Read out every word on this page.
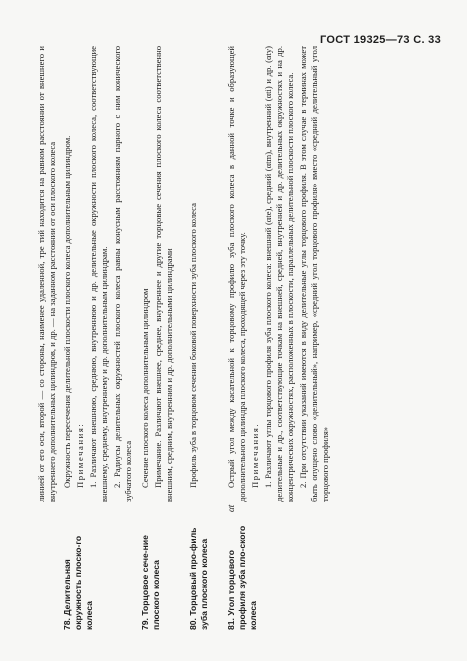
ГОСТ 19325—73 С. 33

линией от его оси, второй — со стороны, наименее удаленной, тре тий находится на равном расстоянии от внешнего и внутреннего дополнительных цилиндров, и др. — на заданном расстоянии от оси плоского колеса

78. Делительная окружность плоско-го колеса

Окружность пересечения делительной плоскости плоского колеса дополнительным цилиндром. Примечания: 1. Различают внешнюю, среднюю, внутреннюю и др. делительные окружности плоского колеса, соответствующие внешнему, среднему, внутреннему и др. дополнительным цилиндрам. 2. Радиусы делительных окружностей плоского колеса равны конусным расстояниям парного с ним конического зубчатого колеса

79. Торцовое сече-ние плоского колеса

Сечение плоского колеса дополнительным цилиндром Примечание. Различают внешнее, среднее, внутреннее и другие торцовые сечения плоского колеса соответственно внешним, средним, внутренним и др. дополнительными цилиндрами

80. Торцовый про-филь зуба плоского колеса

Профиль зуба в торцовом сечении боковой поверхности зуба плоского колеса

81. Угол торцового профиля зуба пло-ского колеса
αt

Острый угол между касательной к торцовому профилю зуба плоского колеса в данной точке и образующей дополнительного цилиндра плоского колеса, проходящей через эту точку. Примечания. 1. Различают углы торцового профиля зуба плоского колеса: внешний (αte), средний (αtm), внутренний (αti) и др. (αty) делительные и др., соответствующие точкам на внешней, средней, внутренней и др. делительных окружностях и на др. концентрических окружностях, расположенных в плоскости, параллельных делительной плоскости плоского колеса. 2. При отсутствии указаний имеются в виду делительные углы торцового профиля. В этом случае в терминах может быть опущено слово «делительный», например, «средний угол торцового профиля» вместо «средний делительный угол торцового профиля»
